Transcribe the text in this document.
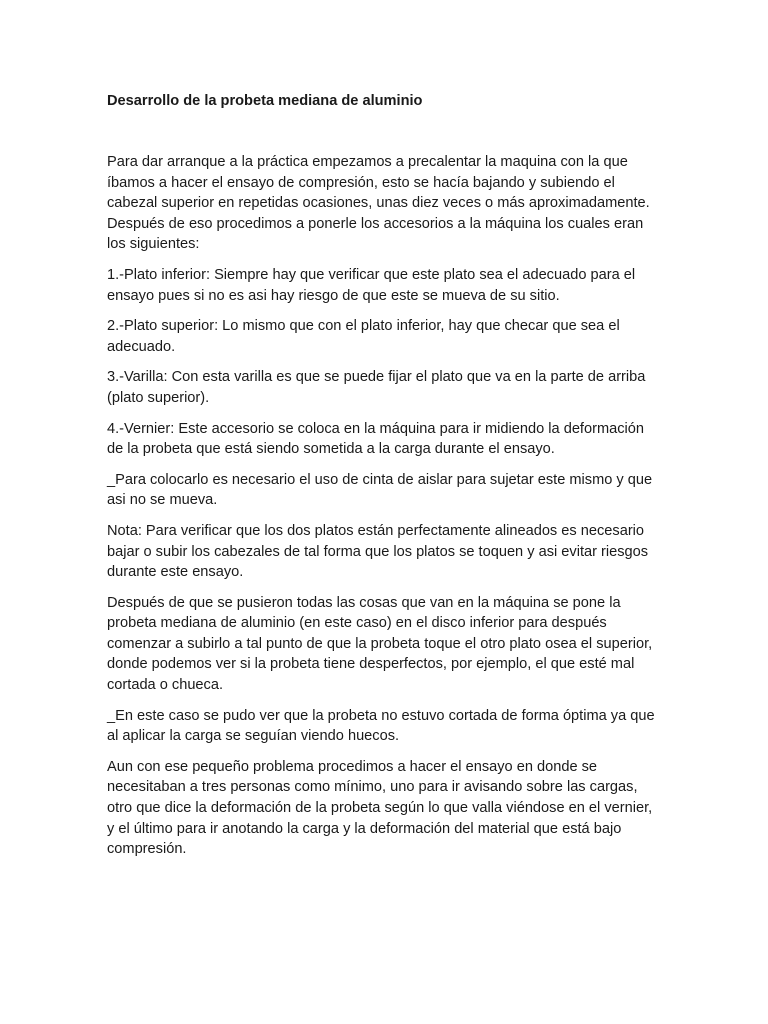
Desarrollo de la probeta mediana de aluminio

Para dar arranque a la práctica empezamos a precalentar la maquina con la que íbamos a hacer el ensayo de compresión, esto se hacía bajando y subiendo el cabezal superior en repetidas ocasiones, unas diez veces o más aproximadamente. Después de eso procedimos a ponerle los accesorios a la máquina los cuales eran los siguientes:

1.-Plato inferior: Siempre hay que verificar que este plato sea el adecuado para el ensayo pues si no es asi hay riesgo de que este se mueva de su sitio.

2.-Plato superior: Lo mismo que con el plato inferior, hay que checar que sea el adecuado.

3.-Varilla: Con esta varilla es que se puede fijar el plato que va en la parte de arriba (plato superior).

4.-Vernier: Este accesorio se coloca en la máquina para ir midiendo la deformación de la probeta que está siendo sometida a la carga durante el ensayo.

_Para colocarlo es necesario el uso de cinta de aislar para sujetar este mismo y que asi no se mueva.

Nota: Para verificar que los dos platos están perfectamente alineados es necesario bajar o subir los cabezales de tal forma que los platos se toquen y asi evitar riesgos durante este ensayo.

Después de que se pusieron todas las cosas que van en la máquina se pone la probeta mediana de aluminio (en este caso) en el disco inferior para después comenzar a subirlo a tal punto de que la probeta toque el otro plato osea el superior, donde podemos ver si la probeta tiene desperfectos, por ejemplo, el que esté mal cortada o chueca.

_En este caso se pudo ver que la probeta no estuvo cortada de forma óptima ya que al aplicar la carga se seguían viendo huecos.

Aun con ese pequeño problema procedimos a hacer el ensayo en donde se necesitaban a tres personas como mínimo, uno para ir avisando sobre las cargas, otro que dice la deformación de la probeta según lo que valla viéndose en el vernier, y el último para ir anotando la carga y la deformación del material que está bajo compresión.
